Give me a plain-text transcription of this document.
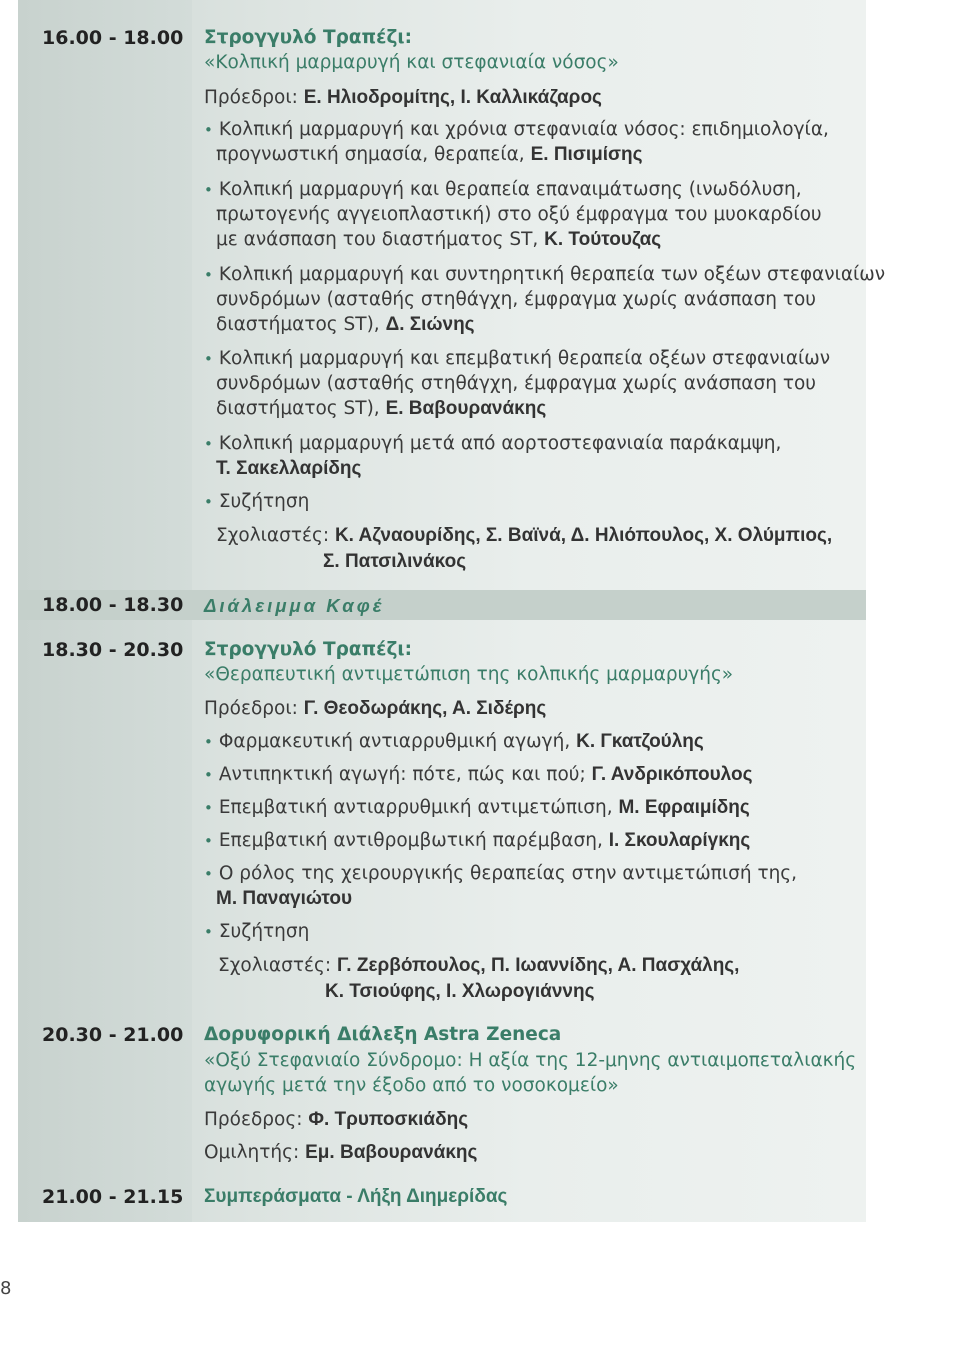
16.00 - 18.00 Στρογγυλό Τραπέζι:
«Κολπική μαρμαρυγή και στεφανιαία νόσος»
Πρόεδροι: Ε. Ηλιοδρομίτης, Ι. Καλλικάζαρος
• Κολπική μαρμαρυγή και χρόνια στεφανιαία νόσος: επιδημιολογία,
προγνωστική σημασία, θεραπεία, Ε. Πισιμίσης
• Κολπική μαρμαρυγή και θεραπεία επαναιμάτωσης (ινωδόλυση,
πρωτογενής αγγειοπλαστική) στο οξύ έμφραγμα του μυοκαρδίου
με ανάσπαση του διαστήματος ST, Κ. Τούτουζας
• Κολπική μαρμαρυγή και συντηρητική θεραπεία των οξέων στεφανιαίων
συνδρόμων (ασταθής στηθάγχη, έμφραγμα χωρίς ανάσπαση του
διαστήματος ST), Δ. Σιώνης
• Κολπική μαρμαρυγή και επεμβατική θεραπεία οξέων στεφανιαίων
συνδρόμων (ασταθής στηθάγχη, έμφραγμα χωρίς ανάσπαση του
διαστήματος ST), Ε. Βαβουρανάκης
• Κολπική μαρμαρυγή μετά από αορτοστεφανιαία παράκαμψη,
Τ. Σακελλαρίδης
• Συζήτηση
Σχολιαστές: Κ. Αζναουρίδης, Σ. Βαϊνά, Δ. Ηλιόπουλος, Χ. Ολύμπιος,
Σ. Πατσιλινάκος
18.00 - 18.30 Διάλειμμα Καφέ
18.30 - 20.30 Στρογγυλό Τραπέζι:
«Θεραπευτική αντιμετώπιση της κολπικής μαρμαρυγής»
Πρόεδροι: Γ. Θεοδωράκης, Α. Σιδέρης
• Φαρμακευτική αντιαρρυθμική αγωγή, Κ. Γκατζούλης
• Αντιπηκτική αγωγή: πότε, πώς και πού; Γ. Ανδρικόπουλος
• Επεμβατική αντιαρρυθμική αντιμετώπιση, Μ. Εφραιμίδης
• Επεμβατική αντιθρομβωτική παρέμβαση, Ι. Σκουλαρίγκης
• Ο ρόλος της χειρουργικής θεραπείας στην αντιμετώπισή της,
Μ. Παναγιώτου
• Συζήτηση
Σχολιαστές: Γ. Ζερβόπουλος, Π. Ιωαννίδης, Α. Πασχάλης,
Κ. Τσιούφης, Ι. Χλωρογιάννης
20.30 - 21.00 Δορυφορική Διάλεξη Astra Zeneca
«Οξύ Στεφανιαίο Σύνδρομο: Η αξία της 12-μηνης αντιαιμοπεταλιακής
αγωγής μετά την έξοδο από το νοσοκομείο»
Πρόεδρος: Φ. Τρυποσκιάδης
Ομιλητής: Εμ. Βαβουρανάκης
21.00 - 21.15 Συμπεράσματα - Λήξη Διημερίδας
8
